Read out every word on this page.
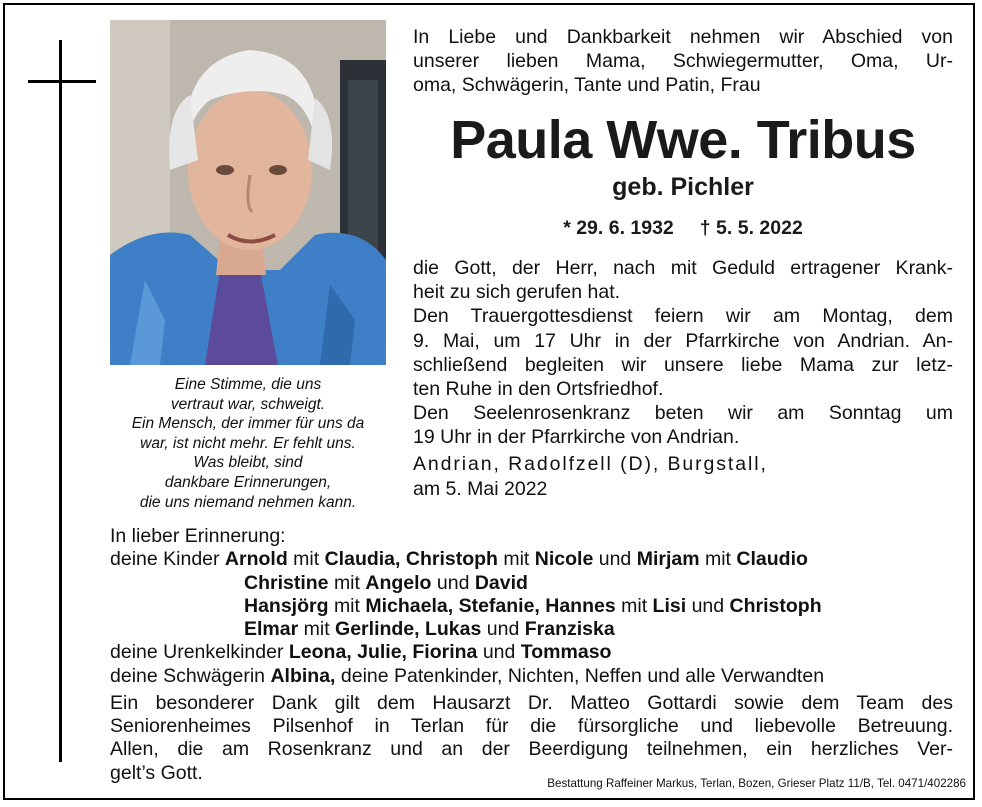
Eine Stimme, die uns
vertraut war, schweigt.
Ein Mensch, der immer für uns da
war, ist nicht mehr. Er fehlt uns.
Was bleibt, sind
dankbare Erinnerungen,
die uns niemand nehmen kann.
In Liebe und Dankbarkeit nehmen wir Abschied von
unserer lieben Mama, Schwiegermutter, Oma, Ur-
oma, Schwägerin, Tante und Patin, Frau
Paula Wwe. Tribus
geb. Pichler
* 29. 6. 1932 † 5. 5. 2022
die Gott, der Herr, nach mit Geduld ertragener Krank-
heit zu sich gerufen hat.
Den Trauergottesdienst feiern wir am Montag, dem
9. Mai, um 17 Uhr in der Pfarrkirche von Andrian. An-
schließend begleiten wir unsere liebe Mama zur letz-
ten Ruhe in den Ortsfriedhof.
Den Seelenrosenkranz beten wir am Sonntag um
19 Uhr in der Pfarrkirche von Andrian.
Andrian, Radolfzell (D), Burgstall,
am 5. Mai 2022
In lieber Erinnerung:
deine Kinder Arnold mit Claudia, Christoph mit Nicole und Mirjam mit Claudio
Christine mit Angelo und David
Hansjörg mit Michaela, Stefanie, Hannes mit Lisi und Christoph
Elmar mit Gerlinde, Lukas und Franziska
deine Urenkelkinder Leona, Julie, Fiorina und Tommaso
deine Schwägerin Albina, deine Patenkinder, Nichten, Neffen und alle Verwandten
Ein besonderer Dank gilt dem Hausarzt Dr. Matteo Gottardi sowie dem Team des
Seniorenheimes Pilsenhof in Terlan für die fürsorgliche und liebevolle Betreuung.
Allen, die am Rosenkranz und an der Beerdigung teilnehmen, ein herzliches Ver-
gelt’s Gott.	Bestattung Raffeiner Markus, Terlan, Bozen, Grieser Platz 11/B, Tel. 0471/402286
